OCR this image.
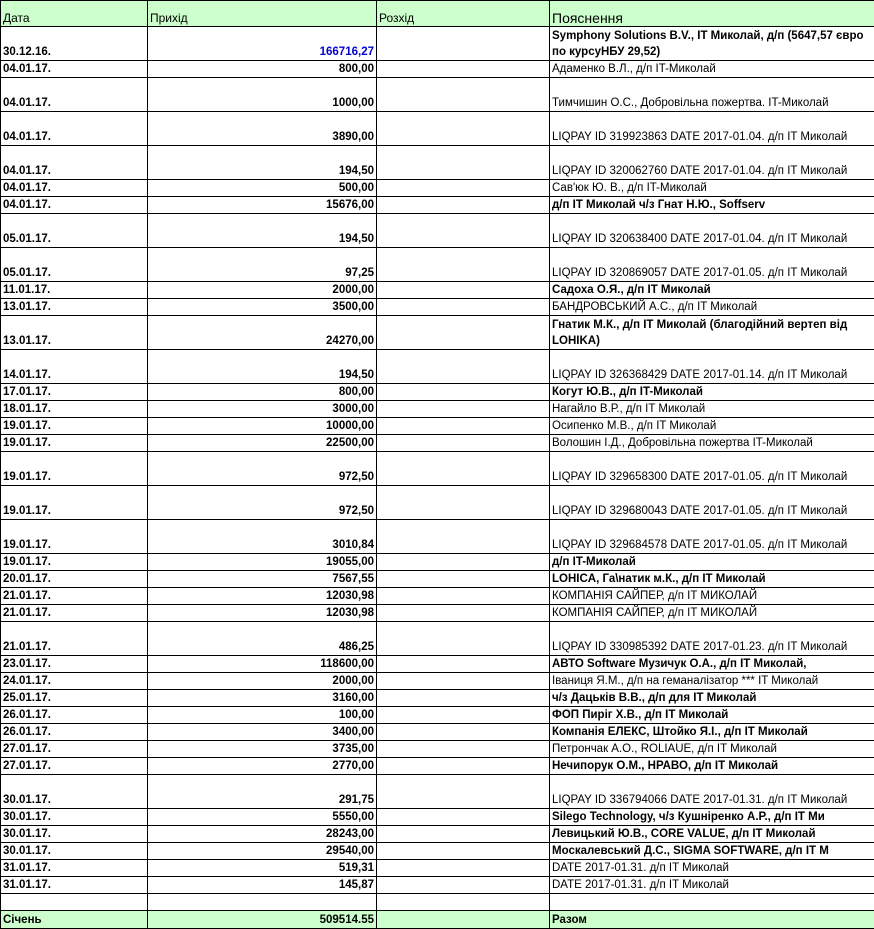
Дата	Прихід	Розхід	Пояснення
30.12.16.	166716,27		Symphony Solutions B.V., IT Миколай, д/п (5647,57 євро по курсуНБУ 29,52)
04.01.17.	800,00		Адаменко В.Л., д/п IT-Миколай
04.01.17.	1000,00		Тимчишин О.С., Добровільна пожертва. IT-Миколай
04.01.17.	3890,00		LIQPAY ID 319923863 DATE 2017-01.04. д/п IT Миколай
04.01.17.	194,50		LIQPAY ID 320062760 DATE 2017-01.04. д/п IT Миколай
04.01.17.	500,00		Сав'юк Ю. В., д/п IT-Миколай
04.01.17.	15676,00		д/п IT Миколай ч/з Гнат Н.Ю., Soffserv
05.01.17.	194,50		LIQPAY ID 320638400 DATE 2017-01.04. д/п IT Миколай
05.01.17.	97,25		LIQPAY ID 320869057 DATE 2017-01.05. д/п IT Миколай
11.01.17.	2000,00		Садоха О.Я., д/п IT Миколай
13.01.17.	3500,00		БАНДРОВСЬКИЙ А.С., д/п IT Миколай
13.01.17.	24270,00		Гнатик М.К., д/п IT Миколай (благодійний вертеп від LOHIKA)
14.01.17.	194,50		LIQPAY ID 326368429 DATE 2017-01.14. д/п IT Миколай
17.01.17.	800,00		Когут Ю.В., д/п IT-Миколай
18.01.17.	3000,00		Нагайло В.Р., д/п IT Миколай
19.01.17.	10000,00		Осипенко М.В., д/п IT Миколай
19.01.17.	22500,00		Волошин І.Д., Добровільна пожертва IT-Миколай
19.01.17.	972,50		LIQPAY ID 329658300 DATE 2017-01.05. д/п IT Миколай
19.01.17.	972,50		LIQPAY ID 329680043 DATE 2017-01.05. д/п IT Миколай
19.01.17.	3010,84		LIQPAY ID 329684578 DATE 2017-01.05. д/п IT Миколай
19.01.17.	19055,00		д/п IT-Миколай
20.01.17.	7567,55		LOHICA, Га\натик м.К., д/п IT Миколай
21.01.17.	12030,98		КОМПАНІЯ САЙПЕР, д/п IT МИКОЛАЙ
21.01.17.	12030,98		КОМПАНІЯ САЙПЕР, д/п IT МИКОЛАЙ
21.01.17.	486,25		LIQPAY ID 330985392 DATE 2017-01.23. д/п IT Миколай
23.01.17.	118600,00		АВТО Software Музичук О.А., д/п IT Миколай,
24.01.17.	2000,00		Іваниця Я.М., д/п на геманалізатор *** IT Миколай
25.01.17.	3160,00		ч/з Дацьків В.В., д/п для IT Миколай
26.01.17.	100,00		ФОП Пиріг Х.В., д/п IT Миколай
26.01.17.	3400,00		Компанія ЕЛЕКС, Штойко Я.І., д/п IT Миколай
27.01.17.	3735,00		Петрончак А.О., ROLIAUE, д/п IT Миколай
27.01.17.	2770,00		Нечипорук О.М., НРАВО, д/п IT Миколай
30.01.17.	291,75		LIQPAY ID 336794066 DATE 2017-01.31. д/п IT Миколай
30.01.17.	5550,00		Silego Technology, ч/з Кушніренко А.Р., д/п IT Ми
30.01.17.	28243,00		Левицький Ю.В., CORE VALUE, д/п IT Миколай
30.01.17.	29540,00		Москалевський Д.С., SIGMA SOFTWARE, д/п IT М
31.01.17.	519,31		DATE 2017-01.31. д/п IT Миколай
31.01.17.	145,87		DATE 2017-01.31. д/п IT Миколай

Січень	509514.55		Разом
